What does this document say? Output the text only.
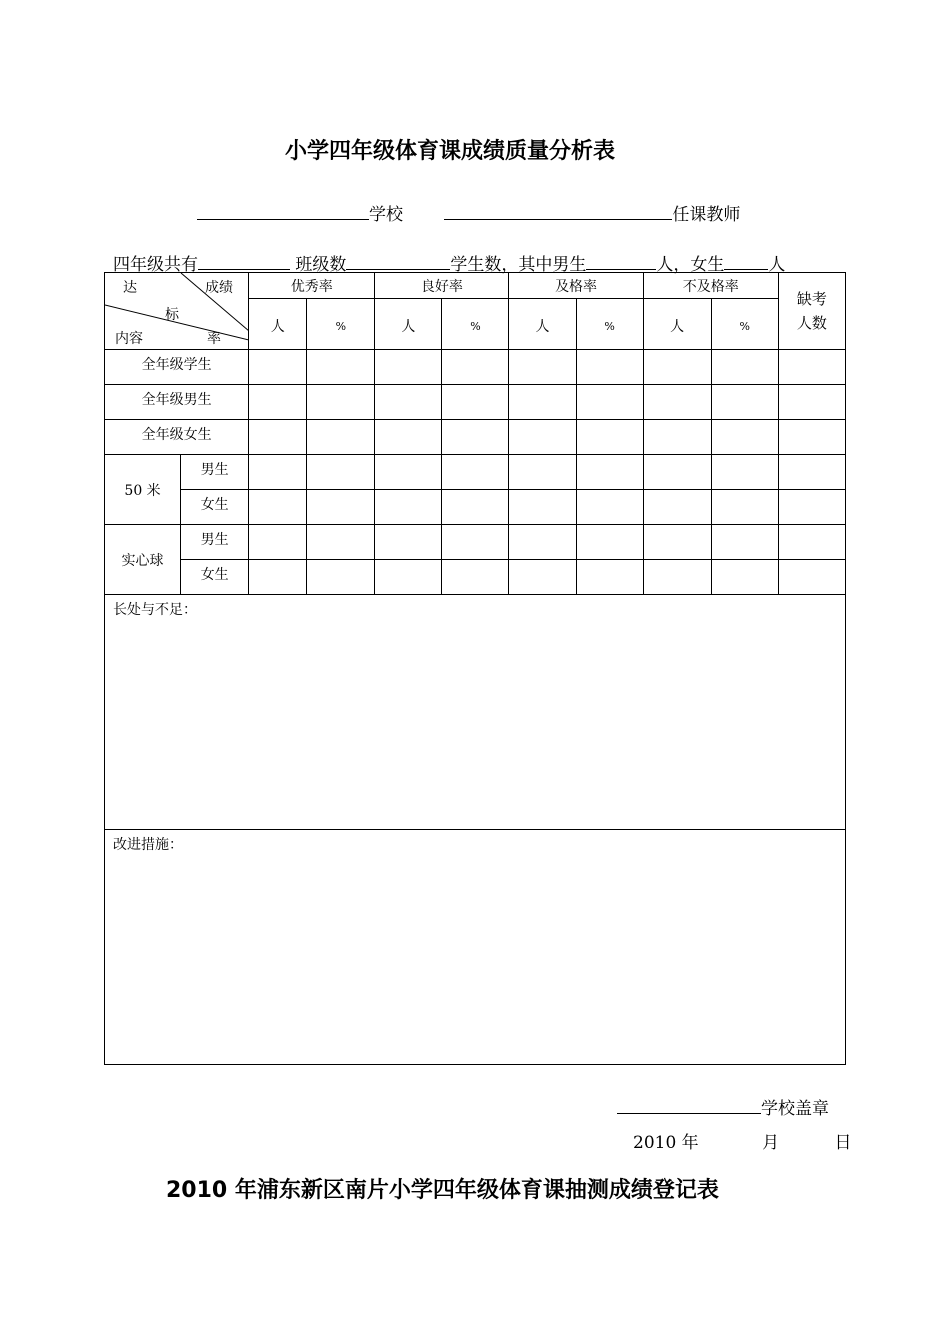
小学四年级体育课成绩质量分析表
学校	任课教师
四年级共有	班级数	学生数，其中男生	人，女生	人
达 成绩
标
内容 率		优秀率		良好率		及格率		不及格率		缺考
人数
		人	%	人	%	人	%	人	%	
全年级学生										
全年级男生										
全年级女生										
50 米	男生									
	女生									
实心球	男生									
	女生									
长处与不足：										
改进措施：										
学校盖章
2010 年	月	日
2010 年浦东新区南片小学四年级体育课抽测成绩登记表
